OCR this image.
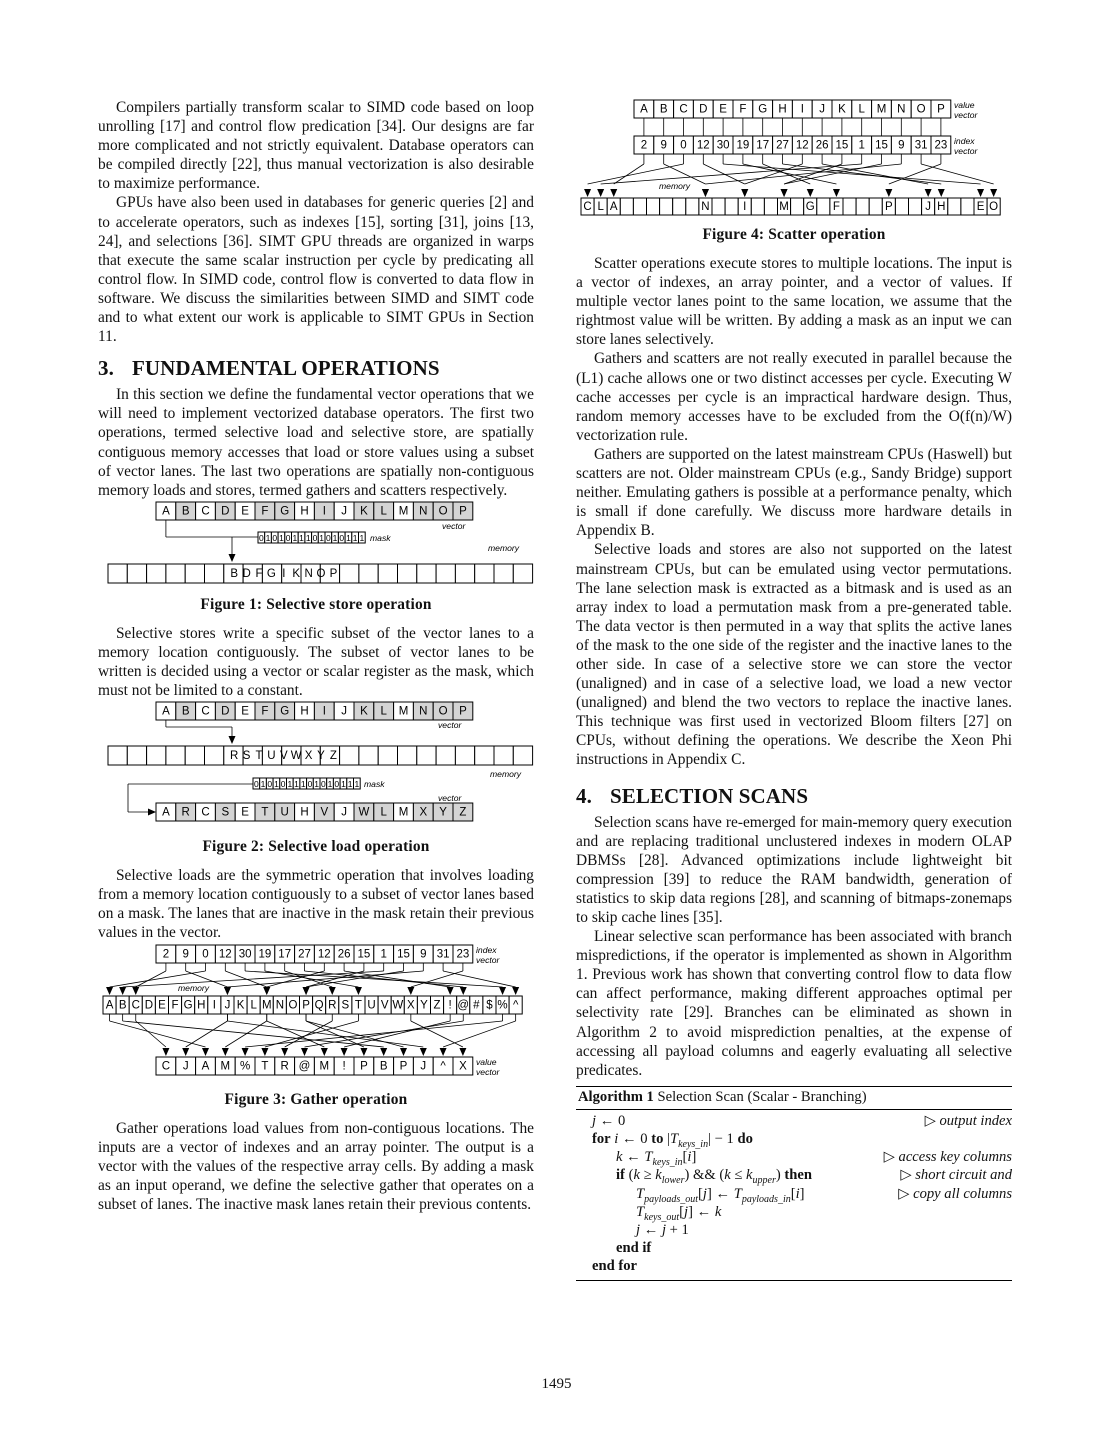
Compilers partially transform scalar to SIMD code based on loop unrolling [17] and control flow predication [34]. Our designs are far more complicated and not strictly equivalent. Database operators can be compiled directly [22], thus manual vectorization is also desirable to maximize performance.

GPUs have also been used in databases for generic queries [2] and to accelerate operators, such as indexes [15], sorting [31], joins [13, 24], and selections [36]. SIMT GPU threads are organized in warps that execute the same scalar instruction per cycle by predicating all control flow. In SIMD code, control flow is converted to data flow in software. We discuss the similarities between SIMD and SIMT code and to what extent our work is applicable to SIMT GPUs in Section 11.

3. FUNDAMENTAL OPERATIONS

In this section we define the fundamental vector operations that we will need to implement vectorized database operators. The first two operations, termed selective load and selective store, are spatially contiguous memory accesses that load or store values using a subset of vector lanes. The last two operations are spatially non-contiguous memory loads and stores, termed gathers and scatters respectively.

A B C D E F G H I J K L M N O P
vector
0 1 0 1 0 1 1 1 0 1 0 1 0 1 1 1 mask
memory
B D F G I K N O P
Figure 1: Selective store operation

Selective stores write a specific subset of the vector lanes to a memory location contiguously. The subset of vector lanes to be written is decided using a vector or scalar register as the mask, which must not be limited to a constant.

A B C D E F G H I J K L M N O P
vector
R S T U V W X Y Z
memory
0 1 0 1 0 1 1 1 0 1 0 1 0 1 1 1 mask
vector
A R C S E T U H V J W L M X Y Z
Figure 2: Selective load operation

Selective loads are the symmetric operation that involves loading from a memory location contiguously to a subset of vector lanes based on a mask. The lanes that are inactive in the mask retain their previous values in the vector.

2 9 0 12 30 19 17 27 12 26 15 1 15 9 31 23 index
vector
memory
A B C D E F G H I J K L M N O P Q R S T U V W X Y Z ! @ # $ % ^
C J A M % T R @ M ! P B P J ^ X value
vector
Figure 3: Gather operation

Gather operations load values from non-contiguous locations. The inputs are a vector of indexes and an array pointer. The output is a vector with the values of the respective array cells. By adding a mask as an input operand, we define the selective gather that operates on a subset of lanes. The inactive mask lanes retain their previous contents.

A B C D E F G H I J K L M N O P value
vector
2 9 0 12 30 19 17 27 12 26 15 1 15 9 31 23 index
vector
memory
C L A	N	I	M G F	P	J H	E O
Figure 4: Scatter operation

Scatter operations execute stores to multiple locations. The input is a vector of indexes, an array pointer, and a vector of values. If multiple vector lanes point to the same location, we assume that the rightmost value will be written. By adding a mask as an input we can store lanes selectively.

Gathers and scatters are not really executed in parallel because the (L1) cache allows one or two distinct accesses per cycle. Executing W cache accesses per cycle is an impractical hardware design. Thus, random memory accesses have to be excluded from the O(f(n)/W) vectorization rule.

Gathers are supported on the latest mainstream CPUs (Haswell) but scatters are not. Older mainstream CPUs (e.g., Sandy Bridge) support neither. Emulating gathers is possible at a performance penalty, which is small if done carefully. We discuss more hardware details in Appendix B.

Selective loads and stores are also not supported on the latest mainstream CPUs, but can be emulated using vector permutations. The lane selection mask is extracted as a bitmask and is used as an array index to load a permutation mask from a pre-generated table. The data vector is then permuted in a way that splits the active lanes of the mask to the one side of the register and the inactive lanes to the other side. In case of a selective store we can store the vector (unaligned) and in case of a selective load, we load a new vector (unaligned) and blend the two vectors to replace the inactive lanes. This technique was first used in vectorized Bloom filters [27] on CPUs, without defining the operations. We describe the Xeon Phi instructions in Appendix C.

4. SELECTION SCANS

Selection scans have re-emerged for main-memory query execution and are replacing traditional unclustered indexes in modern OLAP DBMSs [28]. Advanced optimizations include lightweight bit compression [39] to reduce the RAM bandwidth, generation of statistics to skip data regions [28], and scanning of bitmaps-zonemaps to skip cache lines [35].

Linear selective scan performance has been associated with branch mispredictions, if the operator is implemented as shown in Algorithm 1. Previous work has shown that converting control flow to data flow can affect performance, making different approaches optimal per selectivity rate [29]. Branches can be eliminated as shown in Algorithm 2 to avoid misprediction penalties, at the expense of accessing all payload columns and eagerly evaluating all selective predicates.

Algorithm 1 Selection Scan (Scalar - Branching)
j ← 0	▷ output index
for i ← 0 to $|T_{keys\_in}| - 1$ do
k ← $T_{keys\_in}[i]$	▷ access key columns
if $(k \ge k_{lower})$ && $(k \le k_{upper})$ then	▷ short circuit and
$T_{payloads\_out}[j]$ ← $T_{payloads\_in}[i]$	▷ copy all columns
$T_{keys\_out}[j]$ ← k
j ← j + 1
end if
end for
1495
